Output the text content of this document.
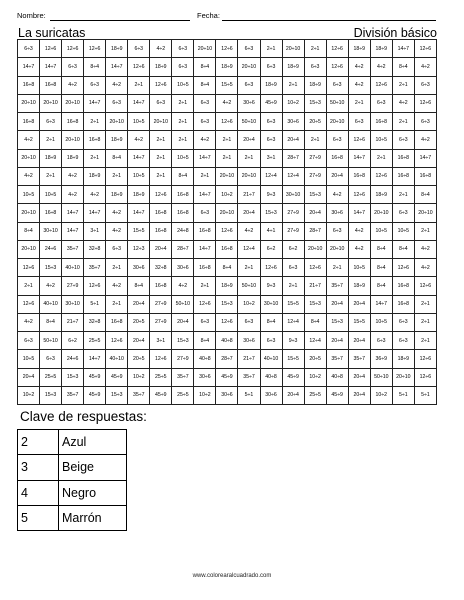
Nombre:	Fecha:
La suricatas	División básico
6÷3	12÷6	12÷6	12÷6	18÷9	6÷3	4÷2	6÷3	20÷10	12÷6	6÷3	2÷1	20÷10	2÷1	12÷6	18÷9	18÷9	14÷7	12÷6
14÷7	14÷7	6÷3	8÷4	14÷7	12÷6	18÷9	6÷3	8÷4	18÷9	20÷10	6÷3	18÷9	6÷3	12÷6	4÷2	4÷2	8÷4	4÷2
16÷8	16÷8	4÷2	6÷3	4÷2	2÷1	12÷6	10÷5	8÷4	15÷5	6÷3	18÷9	2÷1	18÷9	6÷3	4÷2	12÷6	2÷1	6÷3
20÷10	20÷10	20÷10	14÷7	6÷3	14÷7	6÷3	2÷1	6÷3	4÷2	30÷6	45÷9	10÷2	15÷3	50÷10	2÷1	6÷3	4÷2	12÷6
16÷8	6÷3	16÷8	2÷1	20÷10	10÷5	20÷10	2÷1	6÷3	12÷6	50÷10	6÷3	30÷6	20÷5	20÷10	6÷3	16÷8	2÷1	6÷3
4÷2	2÷1	20÷10	16÷8	18÷9	4÷2	2÷1	2÷1	4÷2	2÷1	20÷4	6÷3	20÷4	2÷1	6÷3	12÷6	10÷5	6÷3	4÷2
20÷10	18÷9	18÷9	2÷1	8÷4	14÷7	2÷1	10÷5	14÷7	2÷1	2÷1	3÷1	28÷7	27÷9	16÷8	14÷7	2÷1	16÷8	14÷7
4÷2	2÷1	4÷2	18÷9	2÷1	10÷5	2÷1	8÷4	2÷1	20÷10	20÷10	12÷4	12÷4	27÷9	20÷4	16÷8	12÷6	16÷8	16÷8
10÷5	10÷5	4÷2	4÷2	18÷9	18÷9	12÷6	16÷8	14÷7	10÷2	21÷7	9÷3	30÷10	15÷3	4÷2	12÷6	18÷9	2÷1	8÷4
20÷10	16÷8	14÷7	14÷7	4÷2	14÷7	16÷8	16÷8	6÷3	20÷10	20÷4	15÷3	27÷9	20÷4	30÷6	14÷7	20÷10	6÷3	20÷10
8÷4	30÷10	14÷7	3÷1	4÷2	15÷5	16÷8	24÷8	16÷8	12÷6	4÷2	4÷1	27÷9	28÷7	6÷3	4÷2	10÷5	10÷5	2÷1
20÷10	24÷6	35÷7	32÷8	6÷3	12÷3	20÷4	28÷7	14÷7	16÷8	12÷4	6÷2	6÷2	20÷10	20÷10	4÷2	8÷4	8÷4	4÷2
12÷6	15÷3	40÷10	35÷7	2÷1	30÷6	32÷8	30÷6	16÷8	8÷4	2÷1	12÷6	6÷3	12÷6	2÷1	10÷5	8÷4	12÷6	4÷2
2÷1	4÷2	27÷9	12÷6	4÷2	8÷4	16÷8	4÷2	2÷1	18÷9	50÷10	9÷3	2÷1	21÷7	35÷7	18÷9	8÷4	16÷8	12÷6
12÷6	40÷10	30÷10	5÷1	2÷1	20÷4	27÷9	50÷10	12÷6	15÷3	10÷2	30÷10	15÷5	15÷3	20÷4	20÷4	14÷7	16÷8	2÷1
4÷2	8÷4	21÷7	32÷8	16÷8	20÷5	27÷9	20÷4	6÷3	12÷6	6÷3	8÷4	12÷4	8÷4	15÷3	15÷5	10÷5	6÷3	2÷1
6÷3	50÷10	6÷2	25÷5	12÷6	20÷4	3÷1	15÷3	8÷4	40÷8	30÷6	6÷3	9÷3	12÷4	20÷4	20÷4	6÷3	6÷3	2÷1
10÷5	6÷3	24÷6	14÷7	40÷10	20÷5	12÷6	27÷9	40÷8	28÷7	21÷7	40÷10	15÷5	20÷5	35÷7	35÷7	36÷9	18÷9	12÷6
20÷4	25÷5	15÷3	45÷9	45÷9	10÷2	25÷5	35÷7	30÷6	45÷9	35÷7	40÷8	45÷9	10÷2	40÷8	20÷4	50÷10	20÷10	12÷6
10÷2	15÷3	35÷7	45÷9	15÷3	35÷7	45÷9	25÷5	10÷2	30÷6	5÷1	30÷6	20÷4	25÷5	45÷9	20÷4	10÷2	5÷1	5÷1
Clave de respuestas:
2	Azul
3	Beige
4	Negro
5	Marrón
www.colorearalcuadrado.com
